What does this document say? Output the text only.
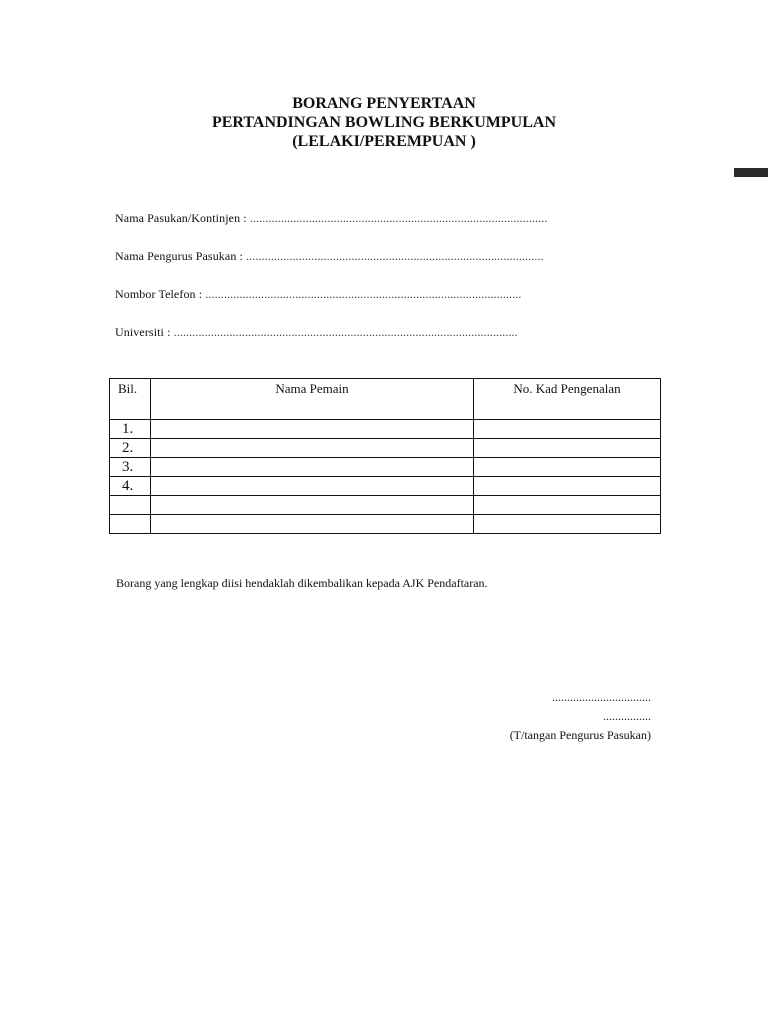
BORANG PENYERTAAN
PERTANDINGAN BOWLING BERKUMPULAN
(LELAKI/PEREMPUAN )
Nama Pasukan/Kontinjen : ................................................................................................
Nama Pengurus Pasukan : ................................................................................................
Nombor Telefon : ......................................................................................................
Universiti : ...............................................................................................................
Bil.	Nama Pemain	No. Kad Pengenalan
1.		
2.		
3.		
4.		

Borang yang lengkap diisi hendaklah dikembalikan kepada AJK Pendaftaran.
.................................
................
(T/tangan Pengurus Pasukan)
